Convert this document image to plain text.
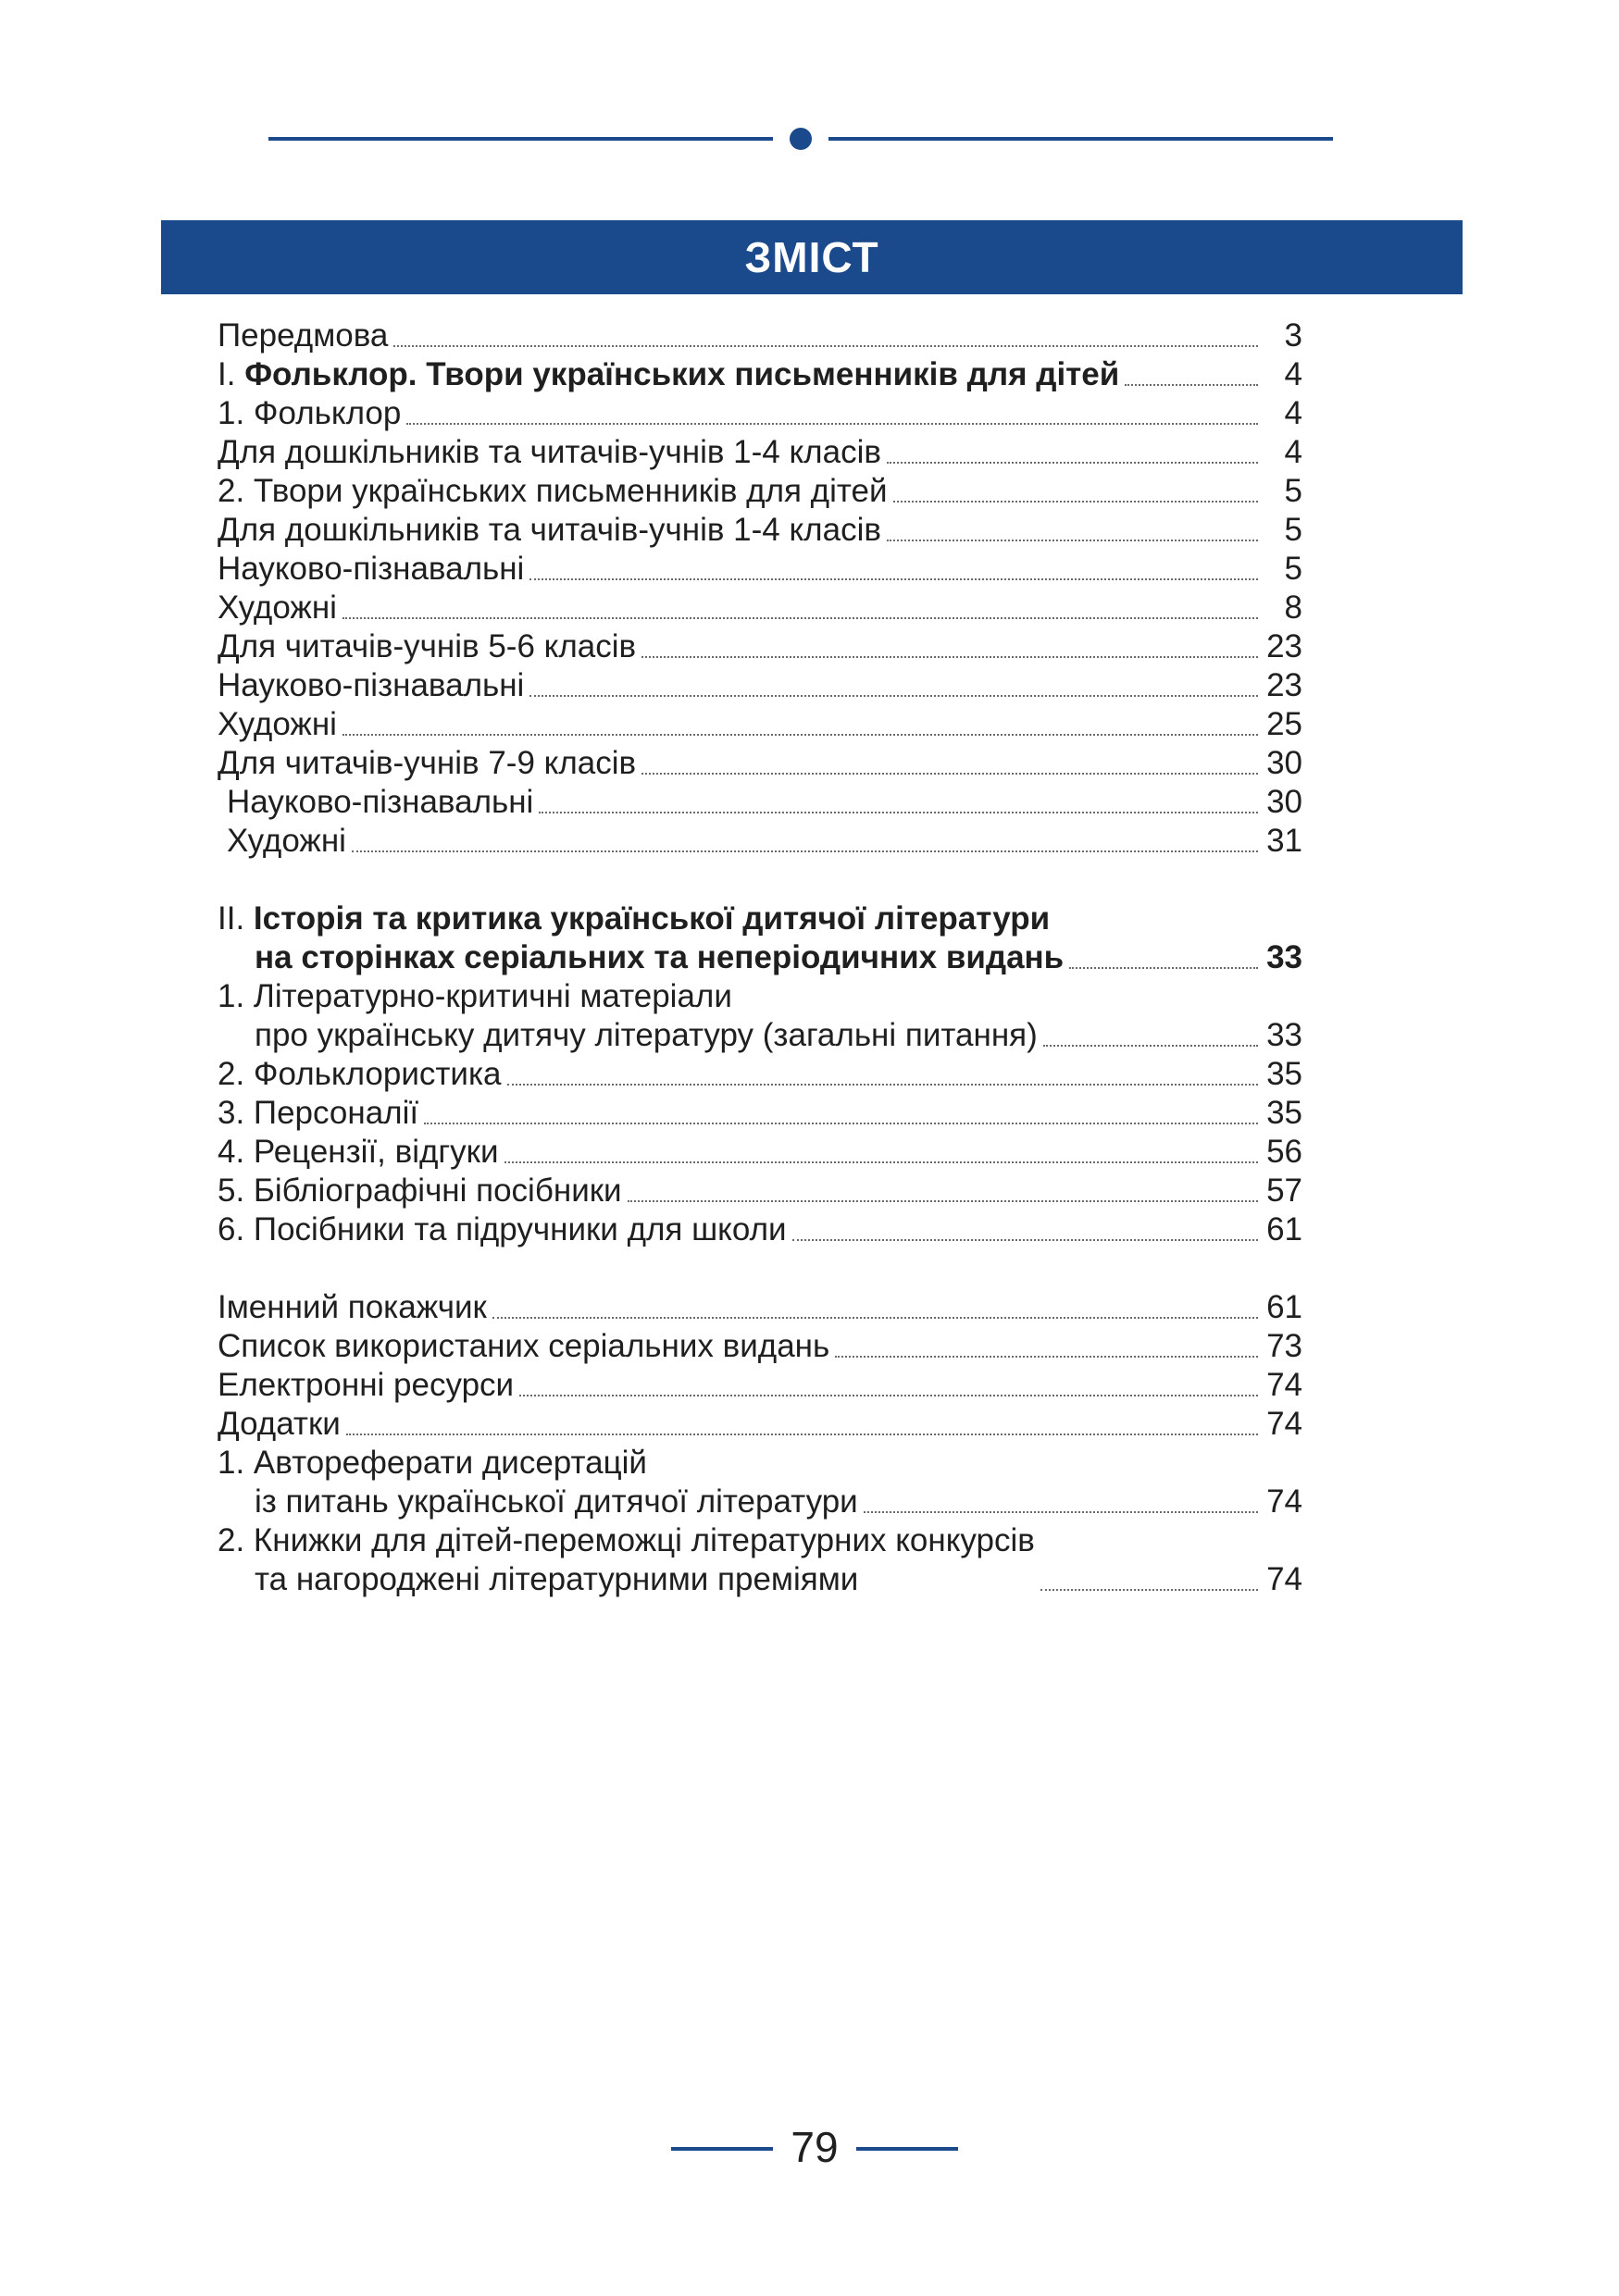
ЗМІСТ
Передмова	3
І. Фольклор. Твори українських письменників для дітей	4
1. Фольклор	4
Для дошкільників та читачів-учнів 1-4 класів	4
2. Твори українських письменників для дітей	5
Для дошкільників та читачів-учнів 1-4 класів	5
Науково-пізнавальні	5
Художні	8
Для читачів-учнів 5-6 класів	23
Науково-пізнавальні	23
Художні	25
Для читачів-учнів 7-9 класів	30
Науково-пізнавальні	30
Художні	31
ІІ. Історія та критика української дитячої літератури
на сторінках серіальних та неперіодичних видань	33
1. Літературно-критичні матеріали
про українську дитячу літературу (загальні питання)	33
2. Фольклористика	35
3. Персоналії	35
4. Рецензії, відгуки	56
5. Бібліографічні посібники	57
6. Посібники та підручники для школи	61
Іменний покажчик	61
Список використаних серіальних видань	73
Електронні ресурси	74
Додатки	74
1. Автореферати дисертацій
із питань української дитячої літератури	74
2. Книжки для дітей-переможці літературних конкурсів
та нагороджені літературними преміями	74
79
